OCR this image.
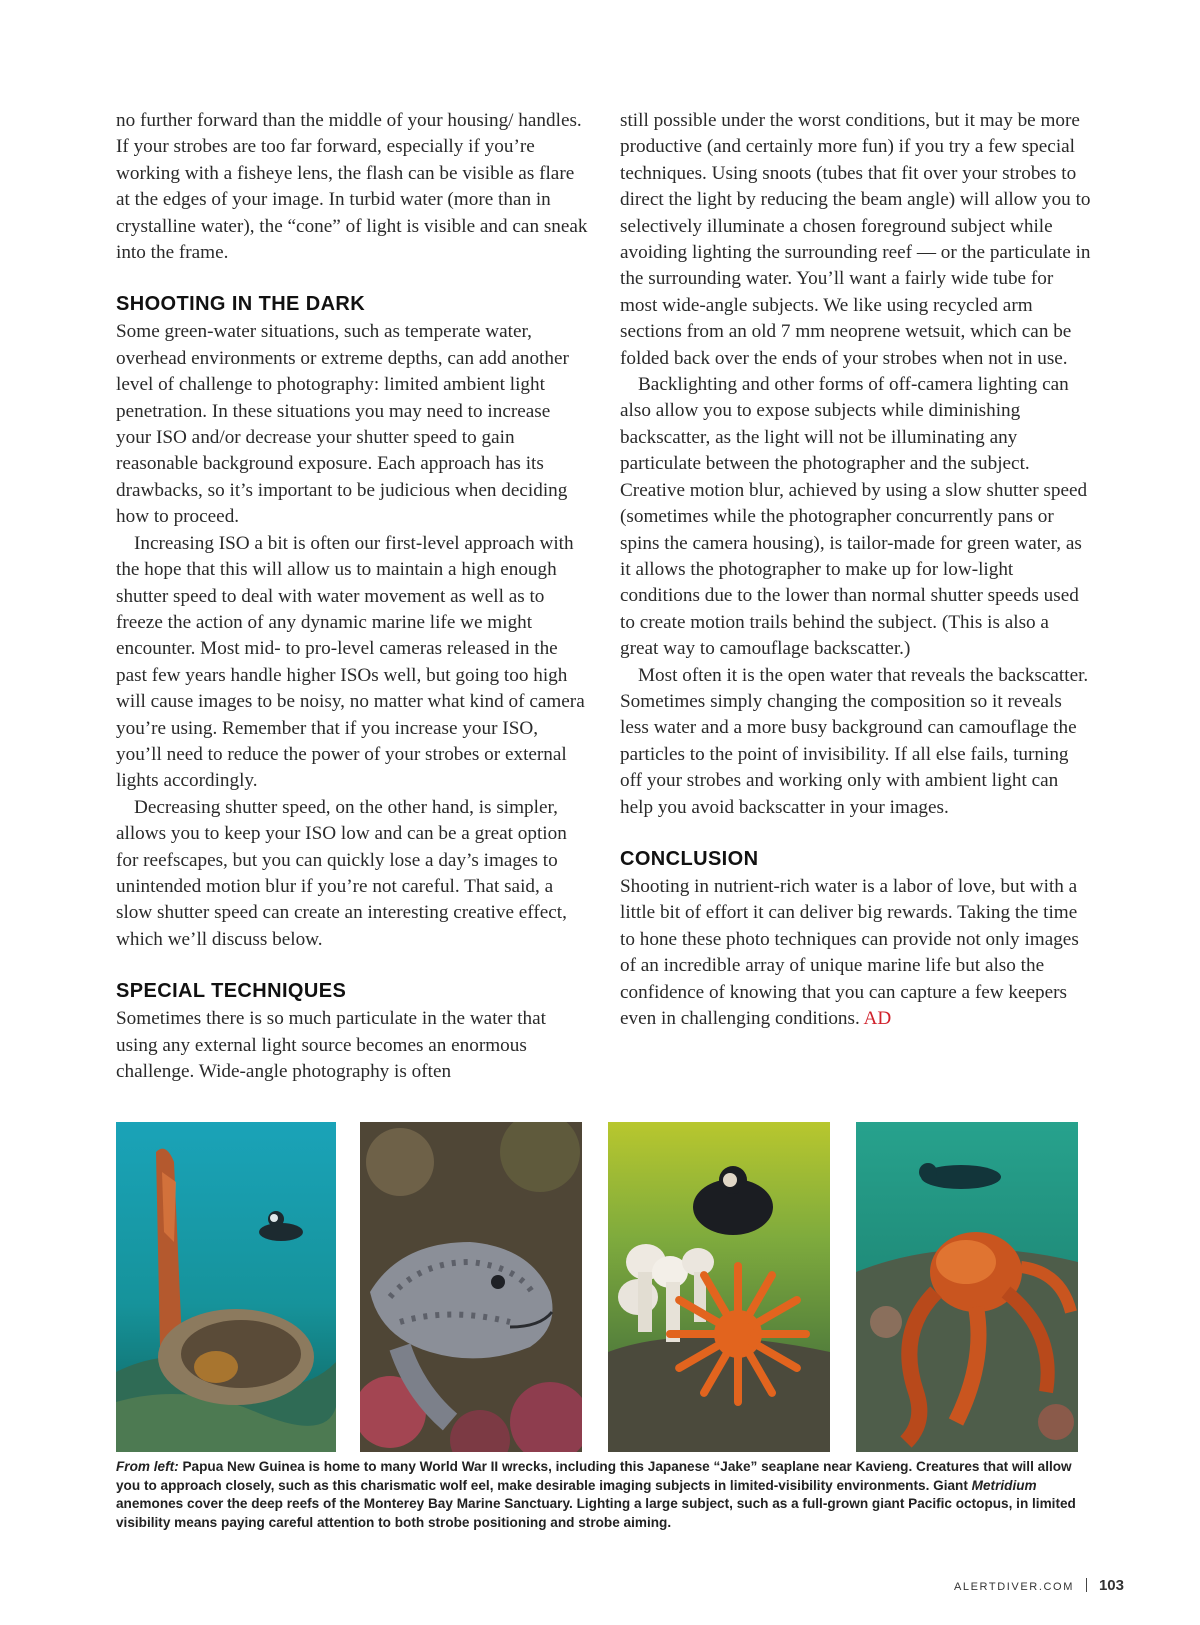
no further forward than the middle of your housing/ handles. If your strobes are too far forward, especially if you’re working with a fisheye lens, the flash can be visible as flare at the edges of your image. In turbid water (more than in crystalline water), the “cone” of light is visible and can sneak into the frame.

SHOOTING IN THE DARK

Some green-water situations, such as temperate water, overhead environments or extreme depths, can add another level of challenge to photography: limited ambient light penetration. In these situations you may need to increase your ISO and/or decrease your shutter speed to gain reasonable background exposure. Each approach has its drawbacks, so it’s important to be judicious when deciding how to proceed.

Increasing ISO a bit is often our first-level approach with the hope that this will allow us to maintain a high enough shutter speed to deal with water movement as well as to freeze the action of any dynamic marine life we might encounter. Most mid- to pro-level cameras released in the past few years handle higher ISOs well, but going too high will cause images to be noisy, no matter what kind of camera you’re using. Remember that if you increase your ISO, you’ll need to reduce the power of your strobes or external lights accordingly.

Decreasing shutter speed, on the other hand, is simpler, allows you to keep your ISO low and can be a great option for reefscapes, but you can quickly lose a day’s images to unintended motion blur if you’re not careful. That said, a slow shutter speed can create an interesting creative effect, which we’ll discuss below.

SPECIAL TECHNIQUES

Sometimes there is so much particulate in the water that using any external light source becomes an enormous challenge. Wide-angle photography is often

still possible under the worst conditions, but it may be more productive (and certainly more fun) if you try a few special techniques. Using snoots (tubes that fit over your strobes to direct the light by reducing the beam angle) will allow you to selectively illuminate a chosen foreground subject while avoiding lighting the surrounding reef — or the particulate in the surrounding water. You’ll want a fairly wide tube for most wide-angle subjects. We like using recycled arm sections from an old 7 mm neoprene wetsuit, which can be folded back over the ends of your strobes when not in use.

Backlighting and other forms of off-camera lighting can also allow you to expose subjects while diminishing backscatter, as the light will not be illuminating any particulate between the photographer and the subject. Creative motion blur, achieved by using a slow shutter speed (sometimes while the photographer concurrently pans or spins the camera housing), is tailor-made for green water, as it allows the photographer to make up for low-light conditions due to the lower than normal shutter speeds used to create motion trails behind the subject. (This is also a great way to camouflage backscatter.)

Most often it is the open water that reveals the backscatter. Sometimes simply changing the composition so it reveals less water and a more busy background can camouflage the particles to the point of invisibility. If all else fails, turning off your strobes and working only with ambient light can help you avoid backscatter in your images.

CONCLUSION

Shooting in nutrient-rich water is a labor of love, but with a little bit of effort it can deliver big rewards. Taking the time to hone these photo techniques can provide not only images of an incredible array of unique marine life but also the confidence of knowing that you can capture a few keepers even in challenging conditions. AD

From left: Papua New Guinea is home to many World War II wrecks, including this Japanese “Jake” seaplane near Kavieng. Creatures that will allow you to approach closely, such as this charismatic wolf eel, make desirable imaging subjects in limited-visibility environments. Giant Metridium anemones cover the deep reefs of the Monterey Bay Marine Sanctuary. Lighting a large subject, such as a full-grown giant Pacific octopus, in limited visibility means paying careful attention to both strobe positioning and strobe aiming.

ALERTDIVER.COM 103
